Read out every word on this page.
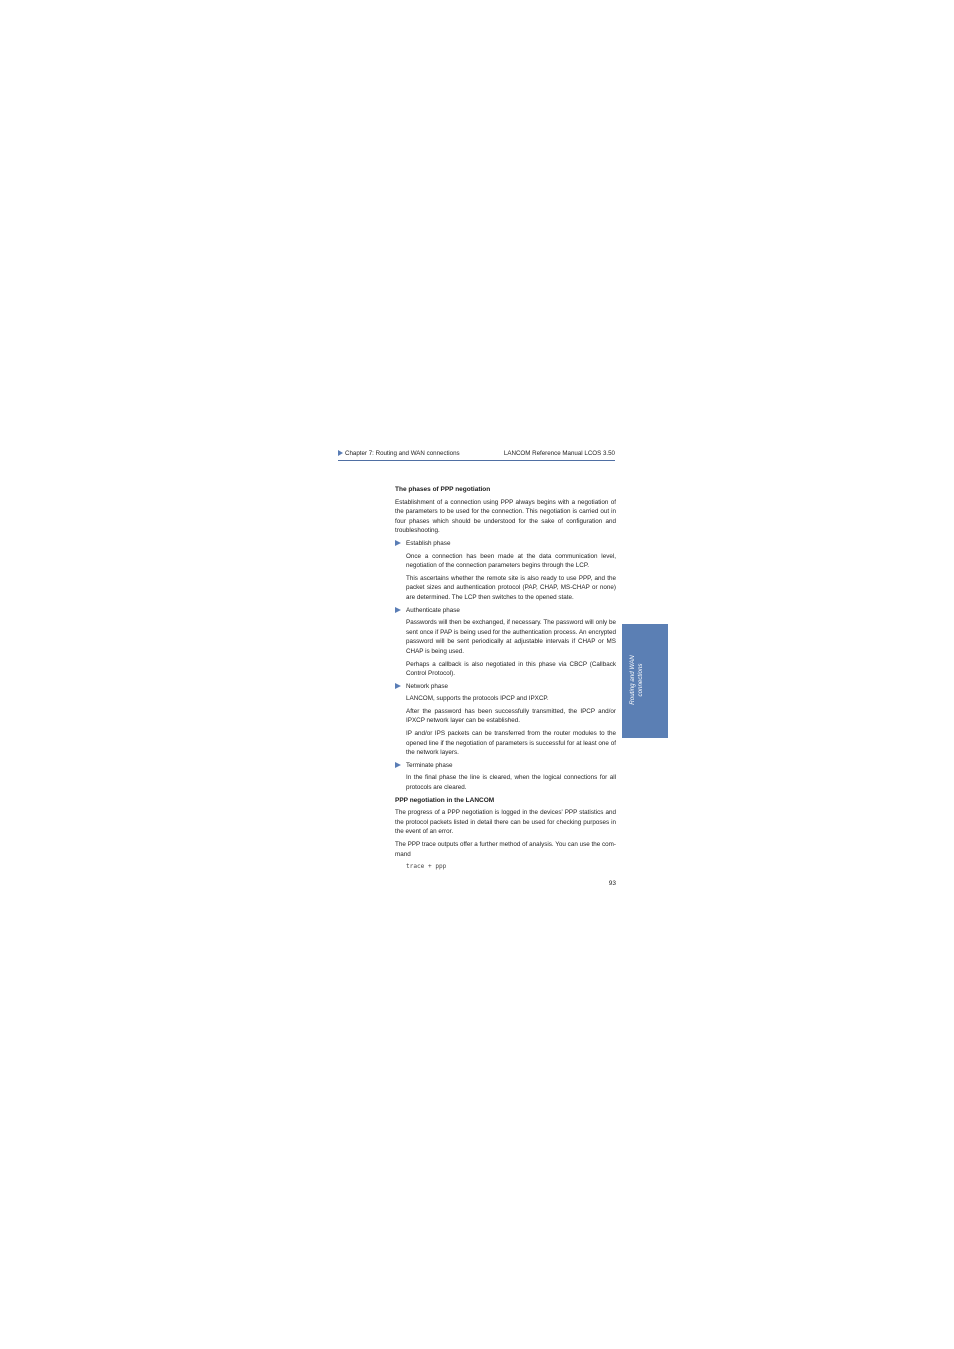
Chapter 7: Routing and WAN connections	LANCOM Reference Manual LCOS 3.50

The phases of PPP negotiation

Establishment of a connection using PPP always begins with a negotiation of the parameters to be used for the connection. This negotiation is carried out in four phases which should be understood for the sake of configuration and troubleshooting.

Establish phase

Once a connection has been made at the data communication level, negotiation of the connection parameters begins through the LCP.

This ascertains whether the remote site is also ready to use PPP, and the packet sizes and authentication protocol (PAP, CHAP, MS-CHAP or none) are determined. The LCP then switches to the opened state.

Authenticate phase

Passwords will then be exchanged, if necessary. The password will only be sent once if PAP is being used for the authentication process. An encrypted password will be sent periodically at adjustable intervals if CHAP or MS CHAP is being used.

Perhaps a callback is also negotiated in this phase via CBCP (Callback Control Protocol).

Network phase

LANCOM, supports the protocols IPCP and IPXCP.

After the password has been successfully transmitted, the IPCP and/or IPXCP network layer can be established.

IP and/or IPS packets can be transferred from the router modules to the opened line if the negotiation of parameters is successful for at least one of the network layers.

Terminate phase

In the final phase the line is cleared, when the logical connections for all protocols are cleared.

PPP negotiation in the LANCOM

The progress of a PPP negotiation is logged in the devices' PPP statistics and the protocol packets listed in detail there can be used for checking purposes in the event of an error.

The PPP trace outputs offer a further method of analysis. You can use the com-mand

trace + ppp
93
Routing and WAN connections
